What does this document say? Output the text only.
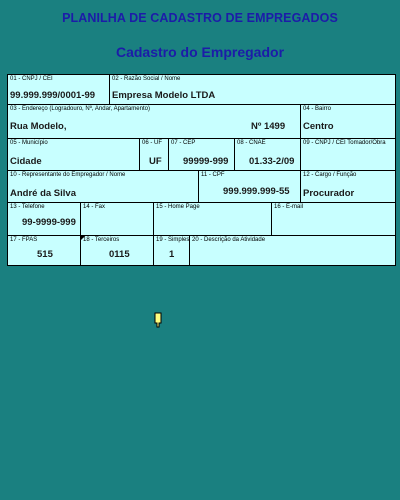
PLANILHA DE CADASTRO DE EMPREGADOS
Cadastro do Empregador
01 - CNPJ / CEI
99.999.999/0001-99
02 - Razão Social / Nome
Empresa Modelo LTDA
03 - Endereço (Logradouro, Nº, Andar, Apartamento)
Rua Modelo,	Nº 1499
04 - Bairro
Centro
05 - Município
Cidade
06 - UF
UF
07 - CEP
99999-999
08 - CNAE
01.33-2/09
09 - CNPJ / CEI Tomador/Obra
10 - Representante do Empregador / Nome
André da Silva
11 - CPF
999.999.999-55
12 - Cargo / Função
Procurador
13 - Telefone
99-9999-999
14 - Fax	15 - Home Page	16 - E-mail
17 - FPAS
515
18 - Terceiros
0115
19 - Simples
1
20 - Descrição da Atividade
